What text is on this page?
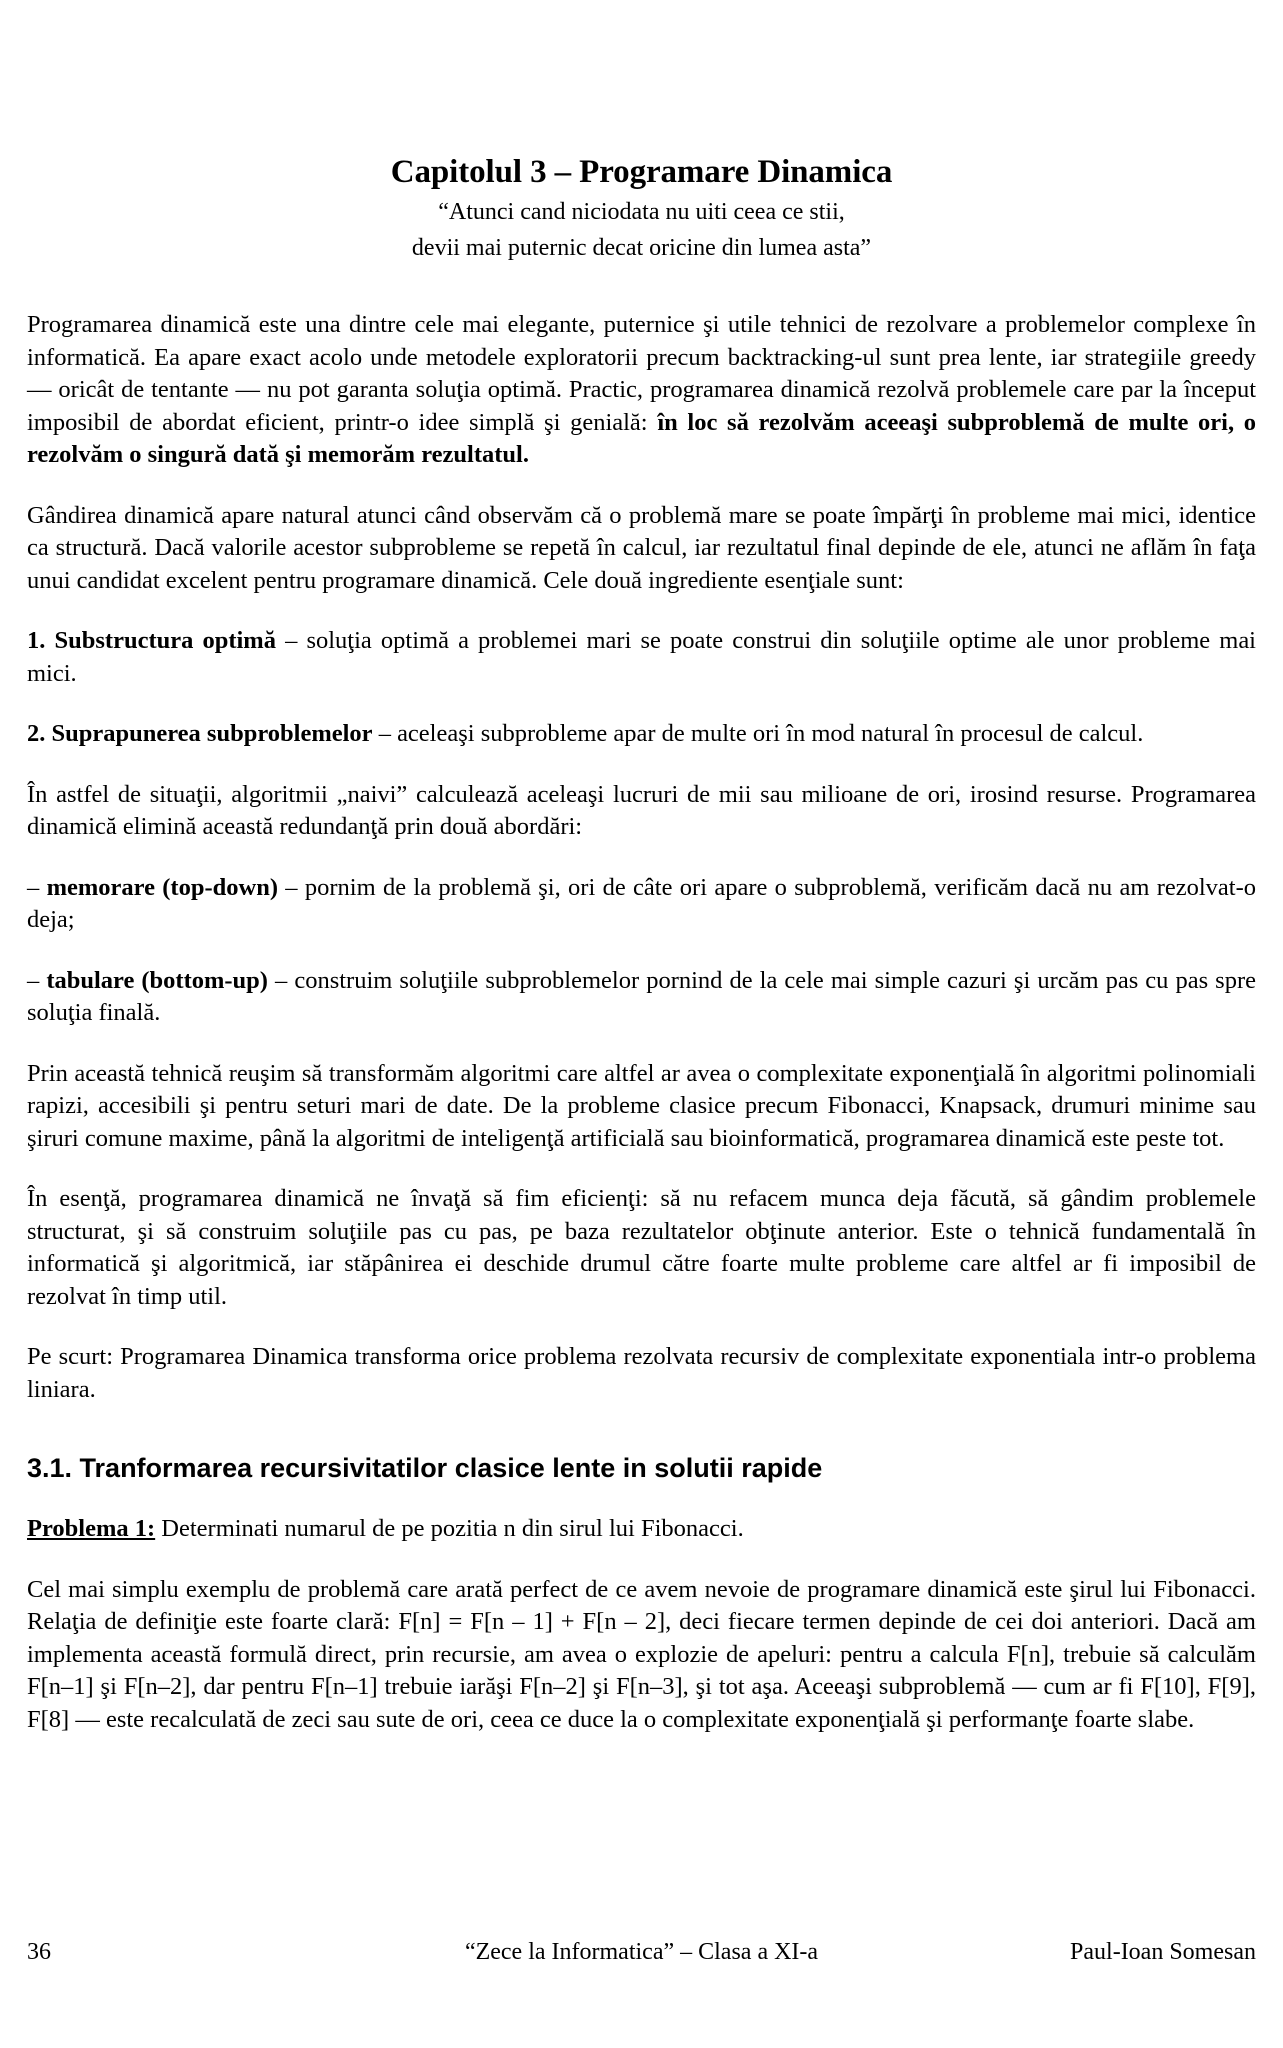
Capitolul 3 – Programare Dinamica
“Atunci cand niciodata nu uiti ceea ce stii,
devii mai puternic decat oricine din lumea asta”

Programarea dinamică este una dintre cele mai elegante, puternice şi utile tehnici de rezolvare a problemelor complexe în informatică. Ea apare exact acolo unde metodele exploratorii precum backtracking-ul sunt prea lente, iar strategiile greedy — oricât de tentante — nu pot garanta soluţia optimă. Practic, programarea dinamică rezolvă problemele care par la început imposibil de abordat eficient, printr-o idee simplă şi genială: în loc să rezolvăm aceeaşi subproblemă de multe ori, o rezolvăm o singură dată şi memorăm rezultatul.

Gândirea dinamică apare natural atunci când observăm că o problemă mare se poate împărţi în probleme mai mici, identice ca structură. Dacă valorile acestor subprobleme se repetă în calcul, iar rezultatul final depinde de ele, atunci ne aflăm în faţa unui candidat excelent pentru programare dinamică. Cele două ingrediente esenţiale sunt:

1. Substructura optimă – soluţia optimă a problemei mari se poate construi din soluţiile optime ale unor probleme mai mici.

2. Suprapunerea subproblemelor – aceleaşi subprobleme apar de multe ori în mod natural în procesul de calcul.

În astfel de situaţii, algoritmii „naivi” calculează aceleaşi lucruri de mii sau milioane de ori, irosind resurse. Programarea dinamică elimină această redundanţă prin două abordări:

– memorare (top-down) – pornim de la problemă şi, ori de câte ori apare o subproblemă, verificăm dacă nu am rezolvat-o deja;

– tabulare (bottom-up) – construim soluţiile subproblemelor pornind de la cele mai simple cazuri şi urcăm pas cu pas spre soluţia finală.

Prin această tehnică reuşim să transformăm algoritmi care altfel ar avea o complexitate exponenţială în algoritmi polinomiali rapizi, accesibili şi pentru seturi mari de date. De la probleme clasice precum Fibonacci, Knapsack, drumuri minime sau şiruri comune maxime, până la algoritmi de inteligenţă artificială sau bioinformatică, programarea dinamică este peste tot.

În esenţă, programarea dinamică ne învaţă să fim eficienţi: să nu refacem munca deja făcută, să gândim problemele structurat, şi să construim soluţiile pas cu pas, pe baza rezultatelor obţinute anterior. Este o tehnică fundamentală în informatică şi algoritmică, iar stăpânirea ei deschide drumul către foarte multe probleme care altfel ar fi imposibil de rezolvat în timp util.

Pe scurt: Programarea Dinamica transforma orice problema rezolvata recursiv de complexitate exponentiala intr-o problema liniara.

3.1. Tranformarea recursivitatilor clasice lente in solutii rapide

Problema 1: Determinati numarul de pe pozitia n din sirul lui Fibonacci.

Cel mai simplu exemplu de problemă care arată perfect de ce avem nevoie de programare dinamică este şirul lui Fibonacci. Relaţia de definiţie este foarte clară: F[n] = F[n – 1] + F[n – 2], deci fiecare termen depinde de cei doi anteriori. Dacă am implementa această formulă direct, prin recursie, am avea o explozie de apeluri: pentru a calcula F[n], trebuie să calculăm F[n–1] şi F[n–2], dar pentru F[n–1] trebuie iarăşi F[n–2] şi F[n–3], şi tot aşa. Aceeaşi subproblemă — cum ar fi F[10], F[9], F[8] — este recalculată de zeci sau sute de ori, ceea ce duce la o complexitate exponenţială şi performanţe foarte slabe.

36	“Zece la Informatica” – Clasa a XI-a	Paul-Ioan Somesan
